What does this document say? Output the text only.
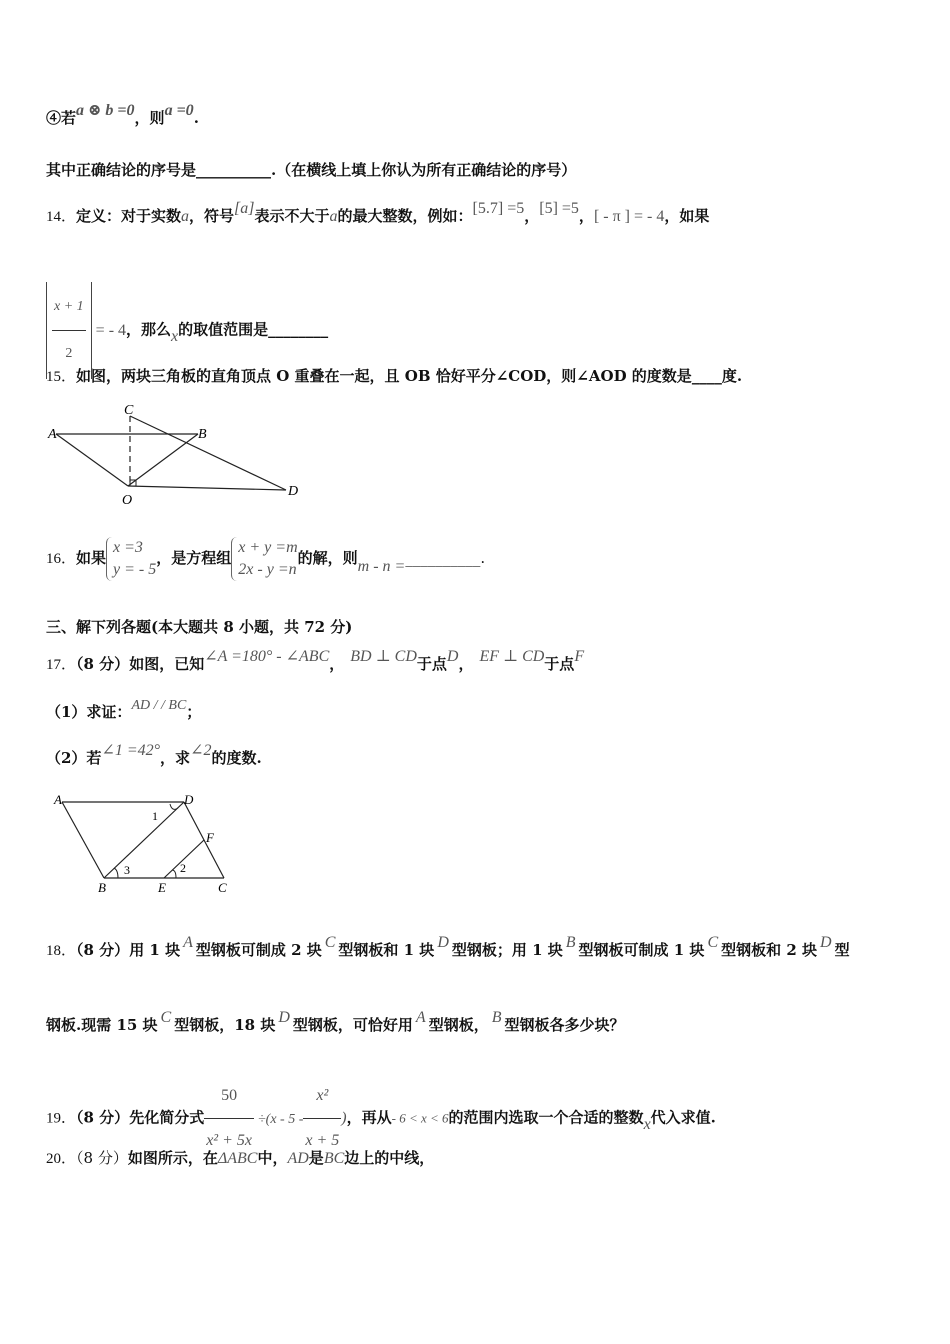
④若a ⊗ b =0，则a =0.
其中正确结论的序号是__________.（在横线上填上你认为所有正确结论的序号）
14．定义：对于实数a，符号[a]表示不大于a的最大整数，例如：[5.7] =5，[5] =5，[ - π ] = - 4，如果
$\frac{x + 1}{2}$ = - 4，那么x的取值范围是________
15．如图，两块三角板的直角顶点 O 重叠在一起，且 OB 恰好平分∠COD，则∠AOD 的度数是____度.
A	B
C
O
D
16．如果
x =3
y = - 5
，是方程组
x + y =m
2x - y =n
的解，则m - n =__________.
三、解下列各题(本大题共 8 小题，共 72 分)
17．（8 分）如图，已知∠A =180° - ∠ABC， BD ⊥ CD于点D， EF ⊥ CD于点F
（1）求证：AD / / BC；
（2）若∠1 =42°，求∠2的度数.
A	D
F
B	E	C
1
3	2
18．（8 分）用 1 块 A 型钢板可制成 2 块 C 型钢板和 1 块 D 型钢板；用 1 块 B 型钢板可制成 1 块 C 型钢板和 2 块 D 型
钢板.现需 15 块 C 型钢板，18 块 D 型钢板，可恰好用 A 型钢板， B 型钢板各多少块？
19．（8 分）先化简分式 $\frac{50}{\text{x² + 5x}} \div(x - 5 - \frac{\text{x²}}{x + 5}$ )，再从- 6 < x < 6的范围内选取一个合适的整数x代入求值.
20．（8 分）如图所示，在ΔABC中，AD是BC边上的中线，
